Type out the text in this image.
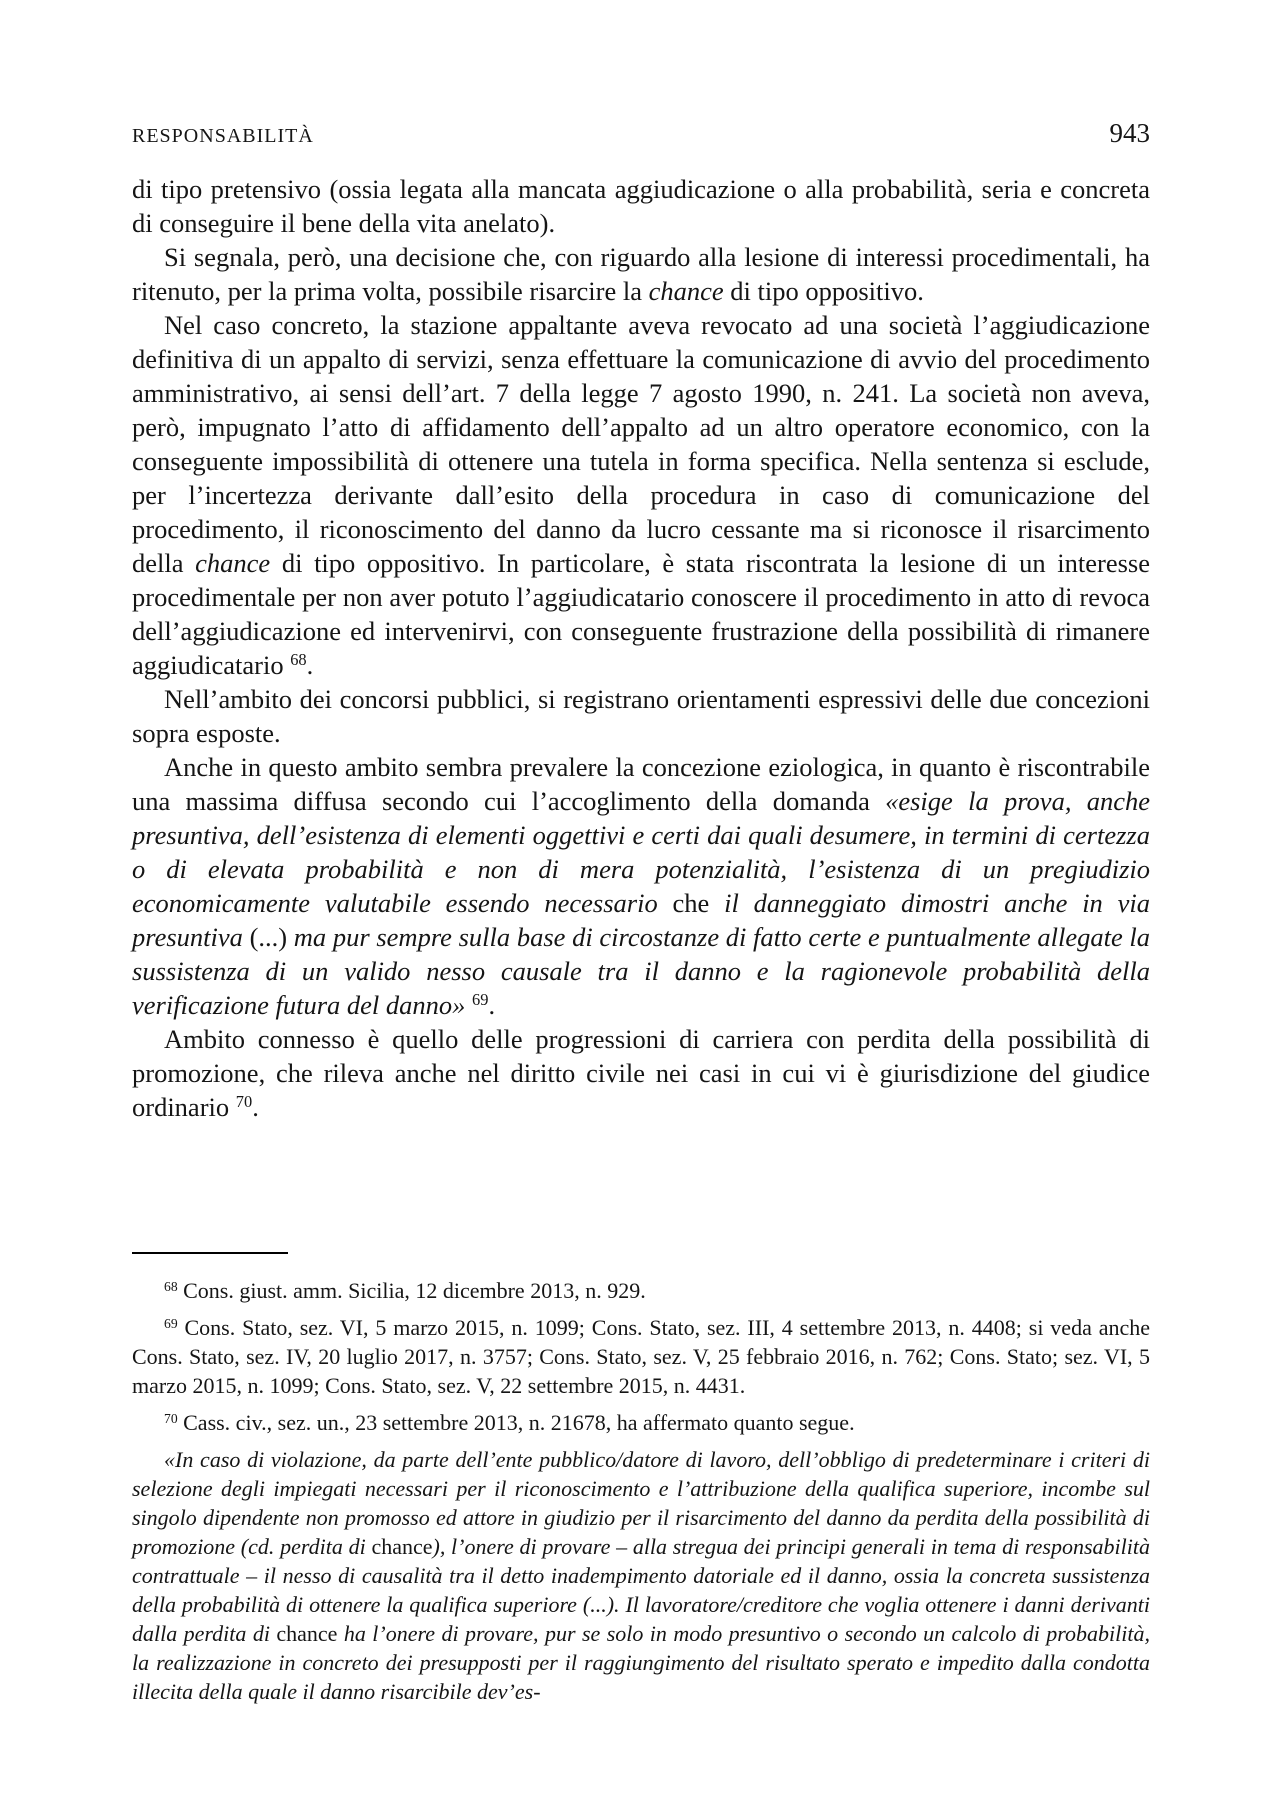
RESPONSABILITÀ	943

di tipo pretensivo (ossia legata alla mancata aggiudicazione o alla probabilità, seria e concreta di conseguire il bene della vita anelato).

Si segnala, però, una decisione che, con riguardo alla lesione di interessi procedimentali, ha ritenuto, per la prima volta, possibile risarcire la chance di tipo oppositivo.

Nel caso concreto, la stazione appaltante aveva revocato ad una società l’aggiudicazione definitiva di un appalto di servizi, senza effettuare la comunicazione di avvio del procedimento amministrativo, ai sensi dell’art. 7 della legge 7 agosto 1990, n. 241. La società non aveva, però, impugnato l’atto di affidamento dell’appalto ad un altro operatore economico, con la conseguente impossibilità di ottenere una tutela in forma specifica. Nella sentenza si esclude, per l’incertezza derivante dall’esito della procedura in caso di comunicazione del procedimento, il riconoscimento del danno da lucro cessante ma si riconosce il risarcimento della chance di tipo oppositivo. In particolare, è stata riscontrata la lesione di un interesse procedimentale per non aver potuto l’aggiudicatario conoscere il procedimento in atto di revoca dell’aggiudicazione ed intervenirvi, con conseguente frustrazione della possibilità di rimanere aggiudicatario $^{68}$.

Nell’ambito dei concorsi pubblici, si registrano orientamenti espressivi delle due concezioni sopra esposte.

Anche in questo ambito sembra prevalere la concezione eziologica, in quanto è riscontrabile una massima diffusa secondo cui l’accoglimento della domanda «esige la prova, anche presuntiva, dell’esistenza di elementi oggettivi e certi dai quali desumere, in termini di certezza o di elevata probabilità e non di mera potenzialità, l’esistenza di un pregiudizio economicamente valutabile essendo necessario che il danneggiato dimostri anche in via presuntiva (...) ma pur sempre sulla base di circostanze di fatto certe e puntualmente allegate la sussistenza di un valido nesso causale tra il danno e la ragionevole probabilità della verificazione futura del danno» $^{69}$.

Ambito connesso è quello delle progressioni di carriera con perdita della possibilità di promozione, che rileva anche nel diritto civile nei casi in cui vi è giurisdizione del giudice ordinario $^{70}$.

$^{68}$ Cons. giust. amm. Sicilia, 12 dicembre 2013, n. 929.

$^{69}$ Cons. Stato, sez. VI, 5 marzo 2015, n. 1099; Cons. Stato, sez. III, 4 settembre 2013, n. 4408; si veda anche Cons. Stato, sez. IV, 20 luglio 2017, n. 3757; Cons. Stato, sez. V, 25 febbraio 2016, n. 762; Cons. Stato; sez. VI, 5 marzo 2015, n. 1099; Cons. Stato, sez. V, 22 settembre 2015, n. 4431.

$^{70}$ Cass. civ., sez. un., 23 settembre 2013, n. 21678, ha affermato quanto segue.

«In caso di violazione, da parte dell’ente pubblico/datore di lavoro, dell’obbligo di predeterminare i criteri di selezione degli impiegati necessari per il riconoscimento e l’attribuzione della qualifica superiore, incombe sul singolo dipendente non promosso ed attore in giudizio per il risarcimento del danno da perdita della possibilità di promozione (cd. perdita di chance), l’onere di provare – alla stregua dei principi generali in tema di responsabilità contrattuale – il nesso di causalità tra il detto inadempimento datoriale ed il danno, ossia la concreta sussistenza della probabilità di ottenere la qualifica superiore (...). Il lavoratore/creditore che voglia ottenere i danni derivanti dalla perdita di chance ha l’onere di provare, pur se solo in modo presuntivo o secondo un calcolo di probabilità, la realizzazione in concreto dei presupposti per il raggiungimento del risultato sperato e impedito dalla condotta illecita della quale il danno risarcibile dev’es-
